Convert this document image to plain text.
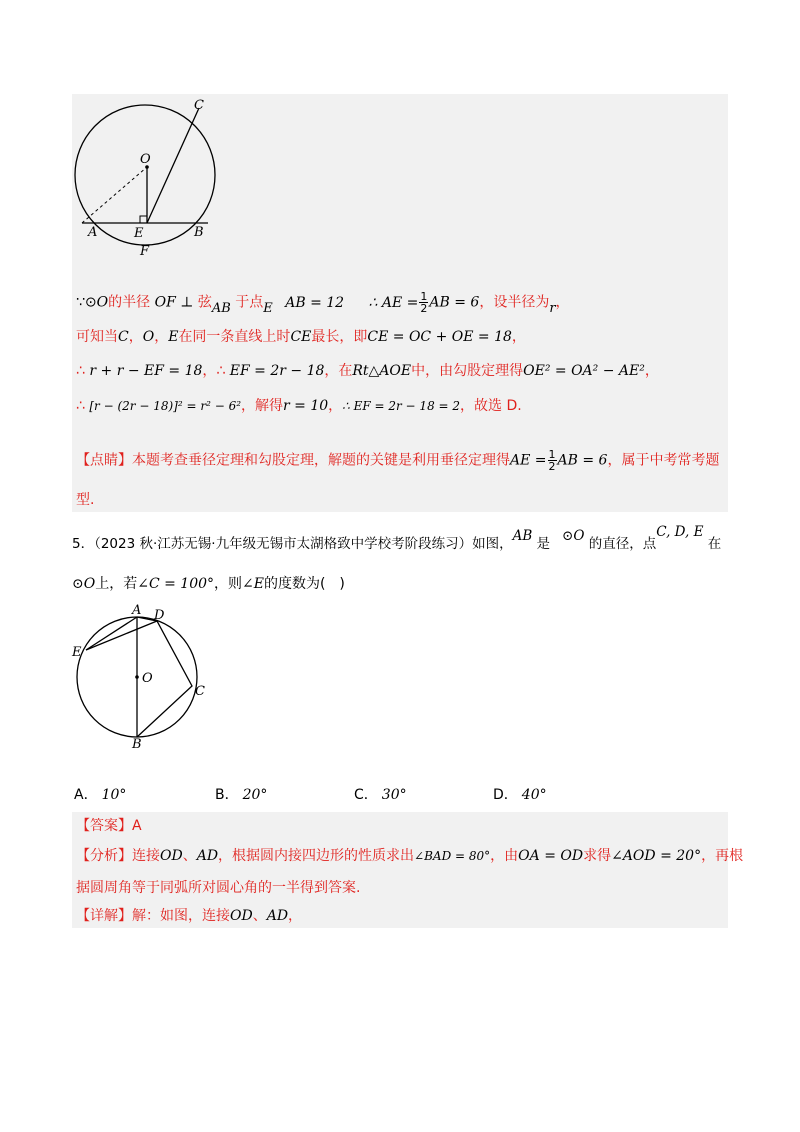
C
O
A	E	B
F
∵⊙O的半径 OF ⊥ 弦AB 于点E AB = 12 ∴ AE = $\frac{1}{2}$ AB = 6，设半径为r，
可知当C，O，E在同一条直线上时CE最长，即CE = OC + OE = 18，
∴ r + r − EF = 18，∴ EF = 2r − 18，在Rt△AOE中，由勾股定理得OE² = OA² − AE²，
∴ [r − (2r − 18)]² = r² − 6²，解得r = 10，∴ EF = 2r − 18 = 2，故选 D.
【点睛】本题考查垂径定理和勾股定理，解题的关键是利用垂径定理得AE = $\frac{1}{2}$ AB = 6，属于中考常考题
型.
5．（2023 秋·江苏无锡·九年级无锡市太湖格致中学校考阶段练习）如图，AB 是 ⊙O 的直径，点C, D, E 在
⊙O上，若∠C = 100°，则∠E的度数为(　)
A D
E
O
C
B
A． 10°	B． 20°	C． 30°	D． 40°
【答案】A
【分析】连接OD、AD，根据圆内接四边形的性质求出∠BAD = 80°，由OA = OD求得∠AOD = 20°，再根
据圆周角等于同弧所对圆心角的一半得到答案.
【详解】解：如图，连接OD、AD，
